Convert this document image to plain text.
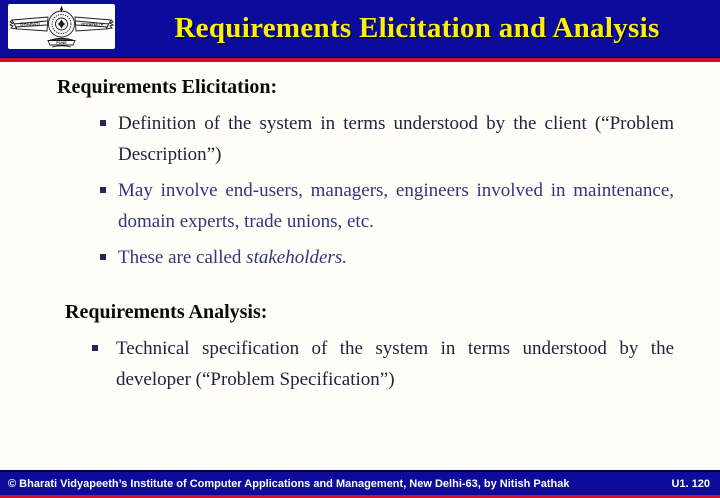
BHARATI	VIDYAPEETH
PUNE	Requirements Elicitation and Analysis
Requirements Elicitation:
Definition of the system in terms understood by the client (“Problem Description”)
May involve end-users, managers, engineers involved in maintenance, domain experts, trade unions, etc.
These are called stakeholders.
Requirements Analysis:
Technical specification of the system in terms understood by the developer (“Problem Specification”)
© Bharati Vidyapeeth’s Institute of Computer Applications and Management, New Delhi-63, by Nitish Pathak	U1. 120
